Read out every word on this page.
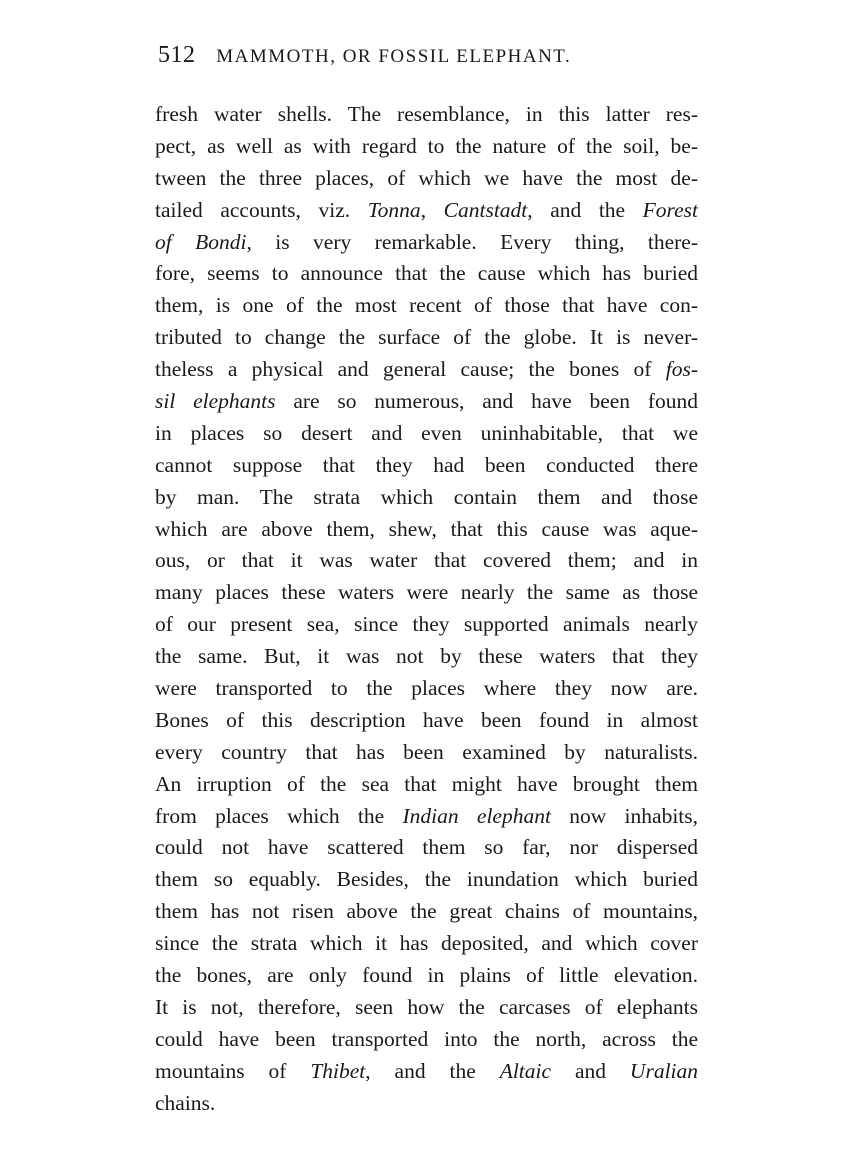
512 MAMMOTH, OR FOSSIL ELEPHANT.
fresh water shells. The resemblance, in this latter res-
pect, as well as with regard to the nature of the soil, be-
tween the three places, of which we have the most de-
tailed accounts, viz. Tonna, Cantstadt, and the Forest
of Bondi, is very remarkable. Every thing, there-
fore, seems to announce that the cause which has buried
them, is one of the most recent of those that have con-
tributed to change the surface of the globe. It is never-
theless a physical and general cause; the bones of fos-
sil elephants are so numerous, and have been found
in places so desert and even uninhabitable, that we
cannot suppose that they had been conducted there
by man. The strata which contain them and those
which are above them, shew, that this cause was aque-
ous, or that it was water that covered them; and in
many places these waters were nearly the same as those
of our present sea, since they supported animals nearly
the same. But, it was not by these waters that they
were transported to the places where they now are.
Bones of this description have been found in almost
every country that has been examined by naturalists.
An irruption of the sea that might have brought them
from places which the Indian elephant now inhabits,
could not have scattered them so far, nor dispersed
them so equably. Besides, the inundation which buried
them has not risen above the great chains of mountains,
since the strata which it has deposited, and which cover
the bones, are only found in plains of little elevation.
It is not, therefore, seen how the carcases of elephants
could have been transported into the north, across the
mountains of Thibet, and the Altaic and Uralian
chains.
